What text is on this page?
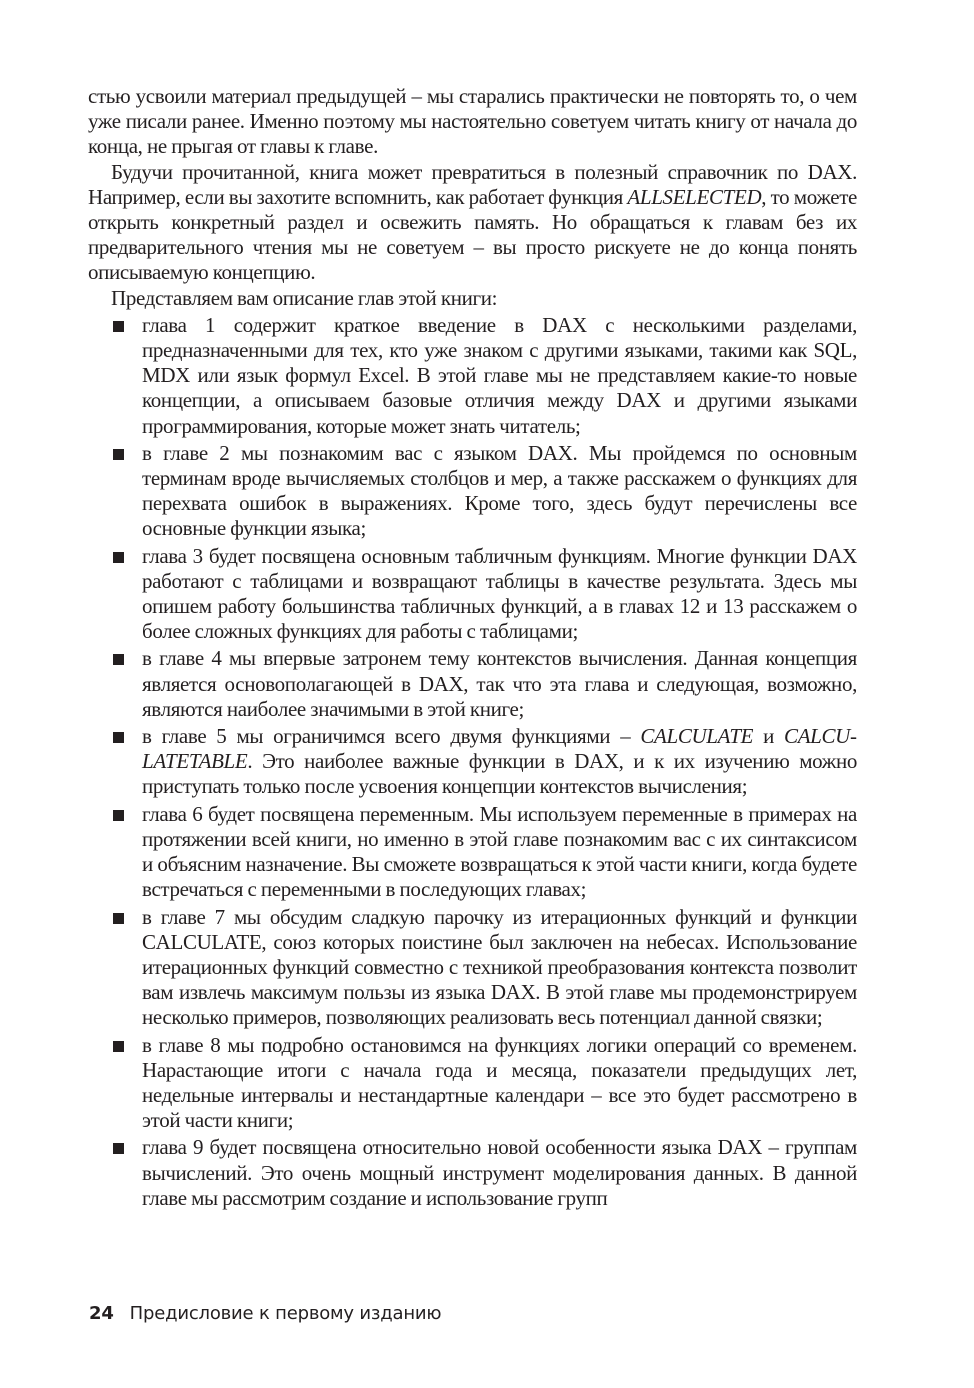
стью усвоили материал предыдущей – мы старались практически не повторять то, о чем уже писали ранее. Именно поэтому мы настоятельно советуем читать книгу от начала до конца, не прыгая от главы к главе.

Будучи прочитанной, книга может превратиться в полезный справочник по DAX. Например, если вы захотите вспомнить, как работает функция ALLSELECTED, то можете открыть конкретный раздел и освежить память. Но обращаться к главам без их предварительного чтения мы не советуем – вы просто рискуете не до конца понять описываемую концепцию.

Представляем вам описание глав этой книги:

глава 1 содержит краткое введение в DAX с несколькими разделами, предназначенными для тех, кто уже знаком с другими языками, такими как SQL, MDX или язык формул Excel. В этой главе мы не представляем какие-то новые концепции, а описываем базовые отличия между DAX и другими языками программирования, которые может знать читатель;
в главе 2 мы познакомим вас с языком DAX. Мы пройдемся по основным терминам вроде вычисляемых столбцов и мер, а также расскажем о функциях для перехвата ошибок в выражениях. Кроме того, здесь будут перечислены все основные функции языка;
глава 3 будет посвящена основным табличным функциям. Многие функции DAX работают с таблицами и возвращают таблицы в качестве результата. Здесь мы опишем работу большинства табличных функций, а в главах 12 и 13 расскажем о более сложных функциях для работы с таблицами;
в главе 4 мы впервые затронем тему контекстов вычисления. Данная концепция является основополагающей в DAX, так что эта глава и следующая, возможно, являются наиболее значимыми в этой книге;
в главе 5 мы ограничимся всего двумя функциями – CALCULATE и CALCULATETABLE. Это наиболее важные функции в DAX, и к их изучению можно приступать только после усвоения концепции контекстов вычисления;
глава 6 будет посвящена переменным. Мы используем переменные в примерах на протяжении всей книги, но именно в этой главе познакомим вас с их синтаксисом и объясним назначение. Вы сможете возвращаться к этой части книги, когда будете встречаться с переменными в последующих главах;
в главе 7 мы обсудим сладкую парочку из итерационных функций и функции CALCULATE, союз которых поистине был заключен на небесах. Использование итерационных функций совместно с техникой преобразования контекста позволит вам извлечь максимум пользы из языка DAX. В этой главе мы продемонстрируем несколько примеров, позволяющих реализовать весь потенциал данной связки;
в главе 8 мы подробно остановимся на функциях логики операций со временем. Нарастающие итоги с начала года и месяца, показатели предыдущих лет, недельные интервалы и нестандартные календари – все это будет рассмотрено в этой части книги;
глава 9 будет посвящена относительно новой особенности языка DAX – группам вычислений. Это очень мощный инструмент моделирования данных. В данной главе мы рассмотрим создание и использование групп
24 Предисловие к первому изданию
